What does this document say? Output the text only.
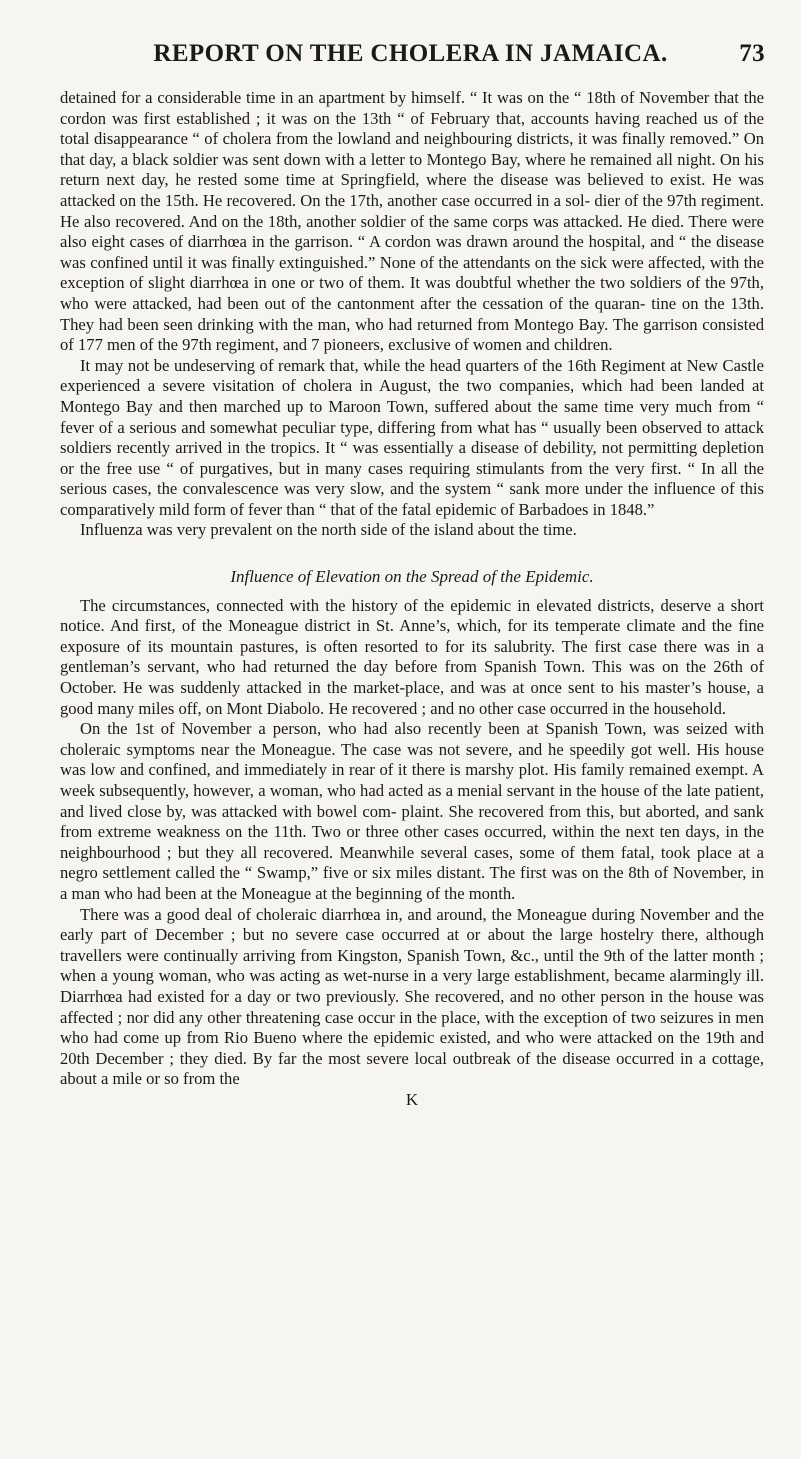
REPORT ON THE CHOLERA IN JAMAICA.	73

detained for a considerable time in an apartment by himself. “ It was on the “ 18th of November that the cordon was first established ; it was on the 13th “ of February that, accounts having reached us of the total disappearance “ of cholera from the lowland and neighbouring districts, it was finally removed.” On that day, a black soldier was sent down with a letter to Montego Bay, where he remained all night. On his return next day, he rested some time at Springfield, where the disease was believed to exist. He was attacked on the 15th. He recovered. On the 17th, another case occurred in a sol- dier of the 97th regiment. He also recovered. And on the 18th, another soldier of the same corps was attacked. He died. There were also eight cases of diarrhœa in the garrison. “ A cordon was drawn around the hospital, and “ the disease was confined until it was finally extinguished.” None of the attendants on the sick were affected, with the exception of slight diarrhœa in one or two of them. It was doubtful whether the two soldiers of the 97th, who were attacked, had been out of the cantonment after the cessation of the quaran- tine on the 13th. They had been seen drinking with the man, who had returned from Montego Bay. The garrison consisted of 177 men of the 97th regiment, and 7 pioneers, exclusive of women and children.

It may not be undeserving of remark that, while the head quarters of the 16th Regiment at New Castle experienced a severe visitation of cholera in August, the two companies, which had been landed at Montego Bay and then marched up to Maroon Town, suffered about the same time very much from “ fever of a serious and somewhat peculiar type, differing from what has “ usually been observed to attack soldiers recently arrived in the tropics. It “ was essentially a disease of debility, not permitting depletion or the free use “ of purgatives, but in many cases requiring stimulants from the very first. “ In all the serious cases, the convalescence was very slow, and the system “ sank more under the influence of this comparatively mild form of fever than “ that of the fatal epidemic of Barbadoes in 1848.”

Influenza was very prevalent on the north side of the island about the time.

Influence of Elevation on the Spread of the Epidemic.

The circumstances, connected with the history of the epidemic in elevated districts, deserve a short notice. And first, of the Moneague district in St. Anne’s, which, for its temperate climate and the fine exposure of its mountain pastures, is often resorted to for its salubrity. The first case there was in a gentleman’s servant, who had returned the day before from Spanish Town. This was on the 26th of October. He was suddenly attacked in the market-place, and was at once sent to his master’s house, a good many miles off, on Mont Diabolo. He recovered ; and no other case occurred in the household.

On the 1st of November a person, who had also recently been at Spanish Town, was seized with choleraic symptoms near the Moneague. The case was not severe, and he speedily got well. His house was low and confined, and immediately in rear of it there is marshy plot. His family remained exempt. A week subsequently, however, a woman, who had acted as a menial servant in the house of the late patient, and lived close by, was attacked with bowel com- plaint. She recovered from this, but aborted, and sank from extreme weakness on the 11th. Two or three other cases occurred, within the next ten days, in the neighbourhood ; but they all recovered. Meanwhile several cases, some of them fatal, took place at a negro settlement called the “ Swamp,” five or six miles distant. The first was on the 8th of November, in a man who had been at the Moneague at the beginning of the month.

There was a good deal of choleraic diarrhœa in, and around, the Moneague during November and the early part of December ; but no severe case occurred at or about the large hostelry there, although travellers were continually arriving from Kingston, Spanish Town, &c., until the 9th of the latter month ; when a young woman, who was acting as wet-nurse in a very large establishment, became alarmingly ill. Diarrhœa had existed for a day or two previously. She recovered, and no other person in the house was affected ; nor did any other threatening case occur in the place, with the exception of two seizures in men who had come up from Rio Bueno where the epidemic existed, and who were attacked on the 19th and 20th December ; they died. By far the most severe local outbreak of the disease occurred in a cottage, about a mile or so from the

K
